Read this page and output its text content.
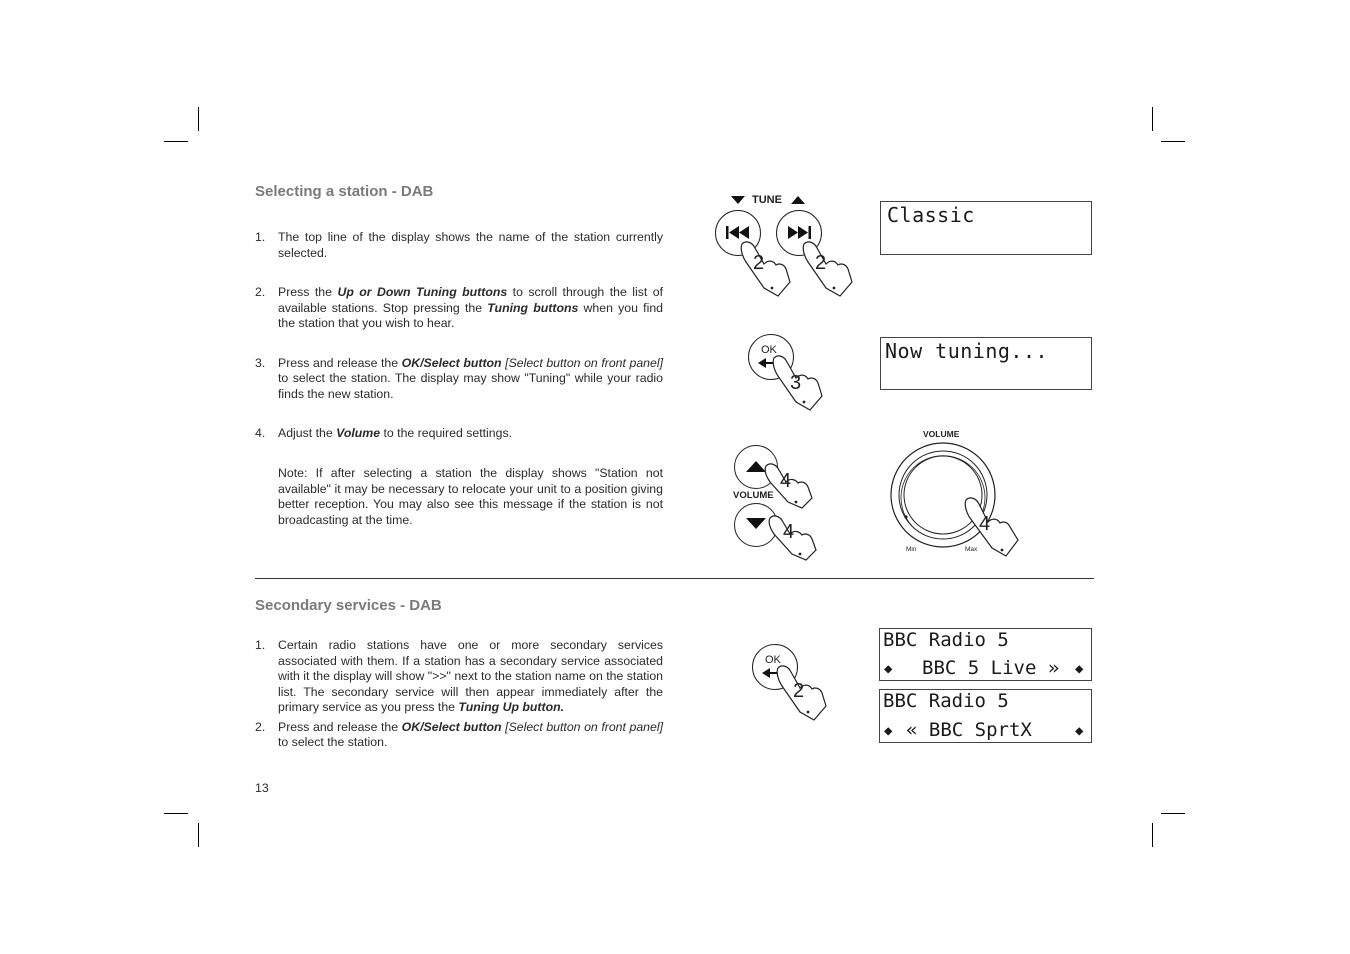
Selecting a station - DAB
1. The top line of the display shows the name of the station currently selected.
2. Press the Up or Down Tuning buttons to scroll through the list of available stations. Stop pressing the Tuning buttons when you find the station that you wish to hear.
3. Press and release the OK/Select button [Select button on front panel] to select the station. The display may show "Tuning" while your radio finds the new station.
4. Adjust the Volume to the required settings.
Note: If after selecting a station the display shows "Station not available" it may be necessary to relocate your unit to a position giving better reception. You may also see this message if the station is not broadcasting at the time.
Secondary services - DAB
1. Certain radio stations have one or more secondary services associated with them. If a station has a secondary service associated with it the display will show ">>" next to the station name on the station list. The secondary service will then appear immediately after the primary service as you press the Tuning Up button.
2. Press and release the OK/Select button [Select button on front panel] to select the station.
13
TUNE
2	2
OK
3
4
VOLUME
4
VOLUME
Min	Max
4
OK
2
Classic
Now tuning...
BBC Radio 5
◆ BBC 5 Live » ◆
BBC Radio 5
◆ « BBC SprtX	◆
